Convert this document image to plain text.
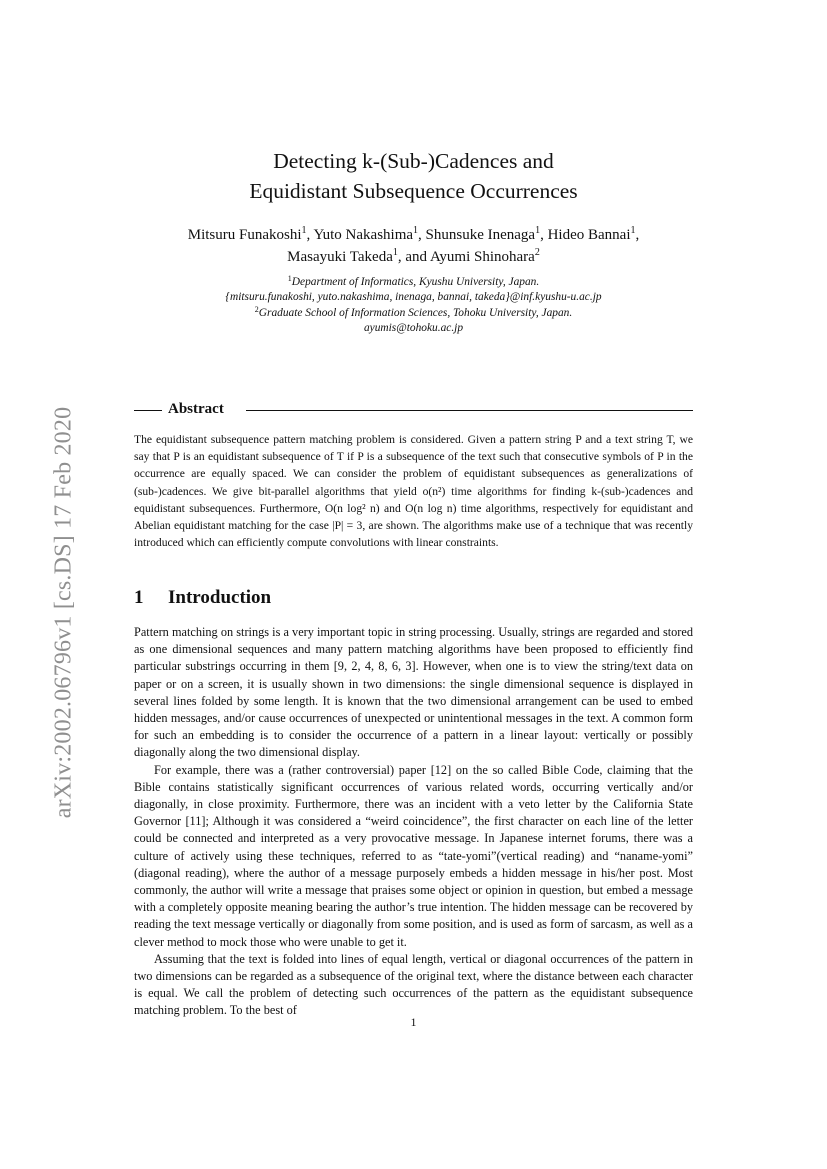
arXiv:2002.06796v1 [cs.DS] 17 Feb 2020
Detecting k-(Sub-)Cadences and
Equidistant Subsequence Occurrences
Mitsuru Funakoshi$^1$, Yuto Nakashima$^1$, Shunsuke Inenaga$^1$, Hideo Bannai$^1$,
Masayuki Takeda$^1$, and Ayumi Shinohara$^2$
$^1$Department of Informatics, Kyushu University, Japan.
{mitsuru.funakoshi, yuto.nakashima, inenaga, bannai, takeda}@inf.kyushu-u.ac.jp
$^2$Graduate School of Information Sciences, Tohoku University, Japan.
ayumis@tohoku.ac.jp
Abstract

The equidistant subsequence pattern matching problem is considered. Given a pattern string P and a text string T, we say that P is an equidistant subsequence of T if P is a subsequence of the text such that consecutive symbols of P in the occurrence are equally spaced. We can consider the problem of equidistant subsequences as generalizations of (sub-)cadences. We give bit-parallel algorithms that yield o(n²) time algorithms for finding k-(sub-)cadences and equidistant subsequences. Furthermore, O(n log² n) and O(n log n) time algorithms, respectively for equidistant and Abelian equidistant matching for the case |P| = 3, are shown. The algorithms make use of a technique that was recently introduced which can efficiently compute convolutions with linear constraints.

1 Introduction

Pattern matching on strings is a very important topic in string processing. Usually, strings are regarded and stored as one dimensional sequences and many pattern matching algorithms have been proposed to efficiently find particular substrings occurring in them [9, 2, 4, 8, 6, 3]. However, when one is to view the string/text data on paper or on a screen, it is usually shown in two dimensions: the single dimensional sequence is displayed in several lines folded by some length. It is known that the two dimensional arrangement can be used to embed hidden messages, and/or cause occurrences of unexpected or unintentional messages in the text. A common form for such an embedding is to consider the occurrence of a pattern in a linear layout: vertically or possibly diagonally along the two dimensional display.

For example, there was a (rather controversial) paper [12] on the so called Bible Code, claiming that the Bible contains statistically significant occurrences of various related words, occurring vertically and/or diagonally, in close proximity. Furthermore, there was an incident with a veto letter by the California State Governor [11]; Although it was considered a “weird coincidence”, the first character on each line of the letter could be connected and interpreted as a very provocative message. In Japanese internet forums, there was a culture of actively using these techniques, referred to as “tate-yomi”(vertical reading) and “naname-yomi” (diagonal reading), where the author of a message purposely embeds a hidden message in his/her post. Most commonly, the author will write a message that praises some object or opinion in question, but embed a message with a completely opposite meaning bearing the author’s true intention. The hidden message can be recovered by reading the text message vertically or diagonally from some position, and is used as form of sarcasm, as well as a clever method to mock those who were unable to get it.

Assuming that the text is folded into lines of equal length, vertical or diagonal occurrences of the pattern in two dimensions can be regarded as a subsequence of the original text, where the distance between each character is equal. We call the problem of detecting such occurrences of the pattern as the equidistant subsequence matching problem. To the best of

1
